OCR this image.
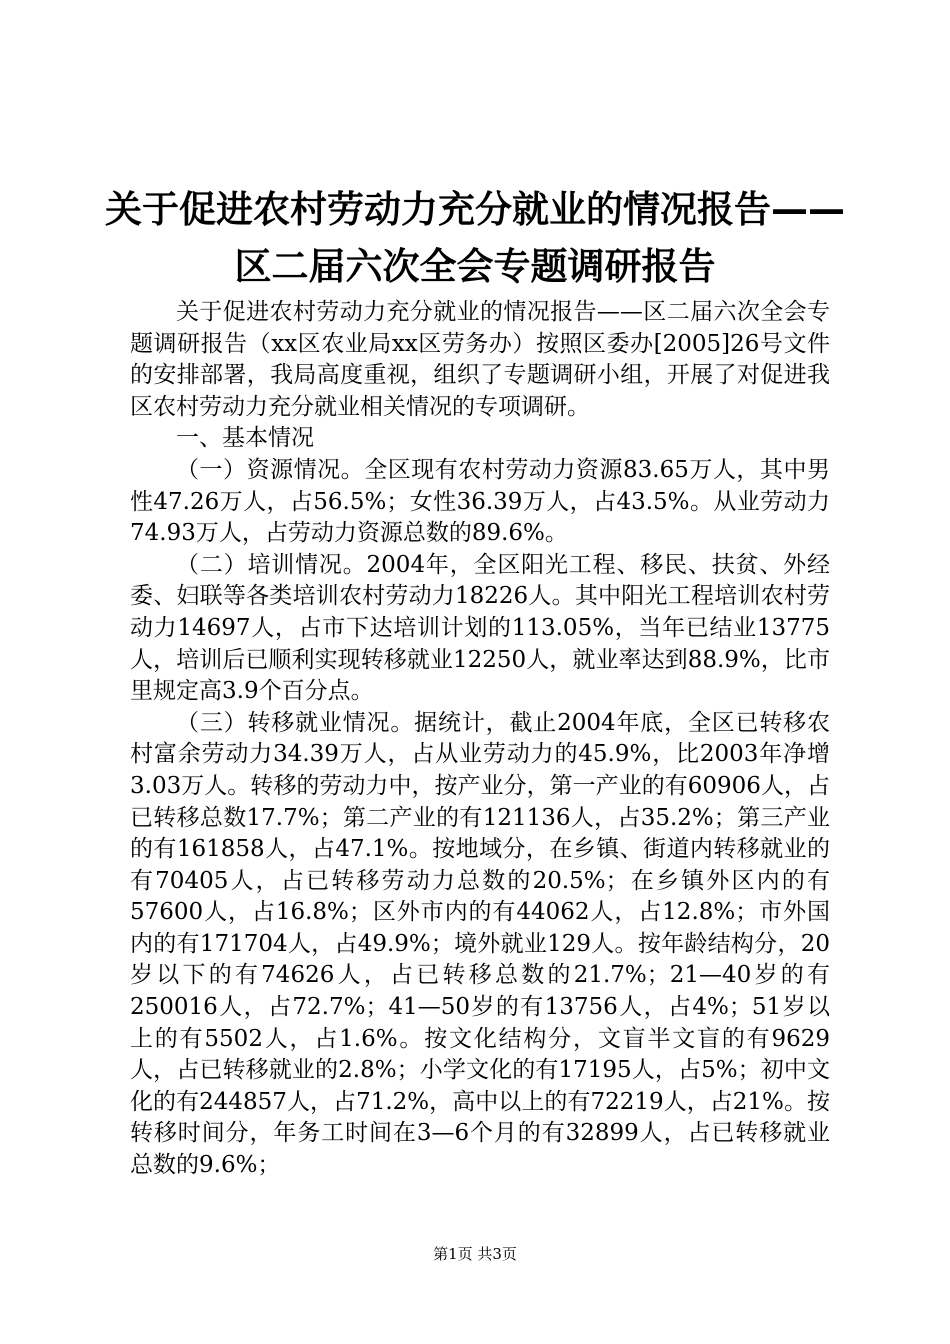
关于促进农村劳动力充分就业的情况报告——
区二届六次全会专题调研报告

关于促进农村劳动力充分就业的情况报告——区二届六次全会专题调研报告（xx区农业局xx区劳务办）按照区委办[2005]26号文件的安排部署，我局高度重视，组织了专题调研小组，开展了对促进我区农村劳动力充分就业相关情况的专项调研。

一、基本情况

（一）资源情况。全区现有农村劳动力资源83.65万人，其中男性47.26万人，占56.5%；女性36.39万人，占43.5%。从业劳动力74.93万人，占劳动力资源总数的89.6%。

（二）培训情况。2004年，全区阳光工程、移民、扶贫、外经委、妇联等各类培训农村劳动力18226人。其中阳光工程培训农村劳动力14697人，占市下达培训计划的113.05%，当年已结业13775人，培训后已顺利实现转移就业12250人，就业率达到88.9%，比市里规定高3.9个百分点。

（三）转移就业情况。据统计，截止2004年底，全区已转移农村富余劳动力34.39万人，占从业劳动力的45.9%，比2003年净增3.03万人。转移的劳动力中，按产业分，第一产业的有60906人，占已转移总数17.7%；第二产业的有121136人，占35.2%；第三产业的有161858人，占47.1%。按地域分，在乡镇、街道内转移就业的有70405人，占已转移劳动力总数的20.5%；在乡镇外区内的有57600人，占16.8%；区外市内的有44062人，占12.8%；市外国内的有171704人，占49.9%；境外就业129人。按年龄结构分，20岁以下的有74626人，占已转移总数的21.7%；21—40岁的有250016人，占72.7%；41—50岁的有13756人，占4%；51岁以上的有5502人，占1.6%。按文化结构分，文盲半文盲的有9629人，占已转移就业的2.8%；小学文化的有17195人，占5%；初中文化的有244857人，占71.2%，高中以上的有72219人，占21%。按转移时间分，年务工时间在3—6个月的有32899人，占已转移就业总数的9.6%；

第1页 共3页
